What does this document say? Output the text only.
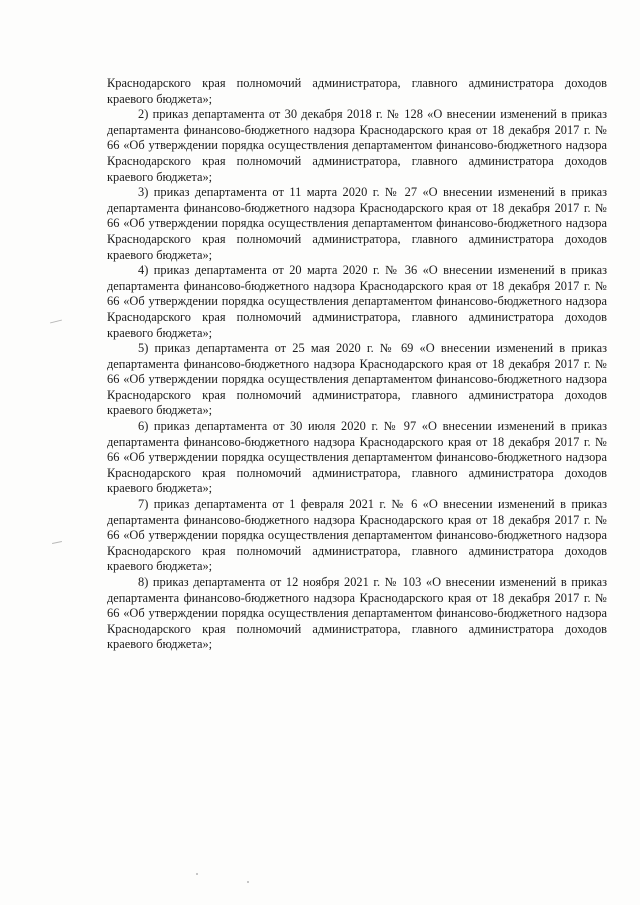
Краснодарского края полномочий администратора, главного администратора доходов краевого бюджета»;

2) приказ департамента от 30 декабря 2018 г. № 128 «О внесении изменений в приказ департамента финансово-бюджетного надзора Краснодарского края от 18 декабря 2017 г. № 66 «Об утверждении порядка осуществления департаментом финансово-бюджетного надзора Краснодарского края полномочий администратора, главного администратора доходов краевого бюджета»;

3) приказ департамента от 11 марта 2020 г. № 27 «О внесении изменений в приказ департамента финансово-бюджетного надзора Краснодарского края от 18 декабря 2017 г. № 66 «Об утверждении порядка осуществления департаментом финансово-бюджетного надзора Краснодарского края полномочий администратора, главного администратора доходов краевого бюджета»;

4) приказ департамента от 20 марта 2020 г. № 36 «О внесении изменений в приказ департамента финансово-бюджетного надзора Краснодарского края от 18 декабря 2017 г. № 66 «Об утверждении порядка осуществления департаментом финансово-бюджетного надзора Краснодарского края полномочий администратора, главного администратора доходов краевого бюджета»;

5) приказ департамента от 25 мая 2020 г. № 69 «О внесении изменений в приказ департамента финансово-бюджетного надзора Краснодарского края от 18 декабря 2017 г. № 66 «Об утверждении порядка осуществления департаментом финансово-бюджетного надзора Краснодарского края полномочий администратора, главного администратора доходов краевого бюджета»;

6) приказ департамента от 30 июля 2020 г. № 97 «О внесении изменений в приказ департамента финансово-бюджетного надзора Краснодарского края от 18 декабря 2017 г. № 66 «Об утверждении порядка осуществления департаментом финансово-бюджетного надзора Краснодарского края полномочий администратора, главного администратора доходов краевого бюджета»;

7) приказ департамента от 1 февраля 2021 г. № 6 «О внесении изменений в приказ департамента финансово-бюджетного надзора Краснодарского края от 18 декабря 2017 г. № 66 «Об утверждении порядка осуществления департаментом финансово-бюджетного надзора Краснодарского края полномочий администратора, главного администратора доходов краевого бюджета»;

8) приказ департамента от 12 ноября 2021 г. № 103 «О внесении изменений в приказ департамента финансово-бюджетного надзора Краснодарского края от 18 декабря 2017 г. № 66 «Об утверждении порядка осуществления департаментом финансово-бюджетного надзора Краснодарского края полномочий администратора, главного администратора доходов краевого бюджета»;
